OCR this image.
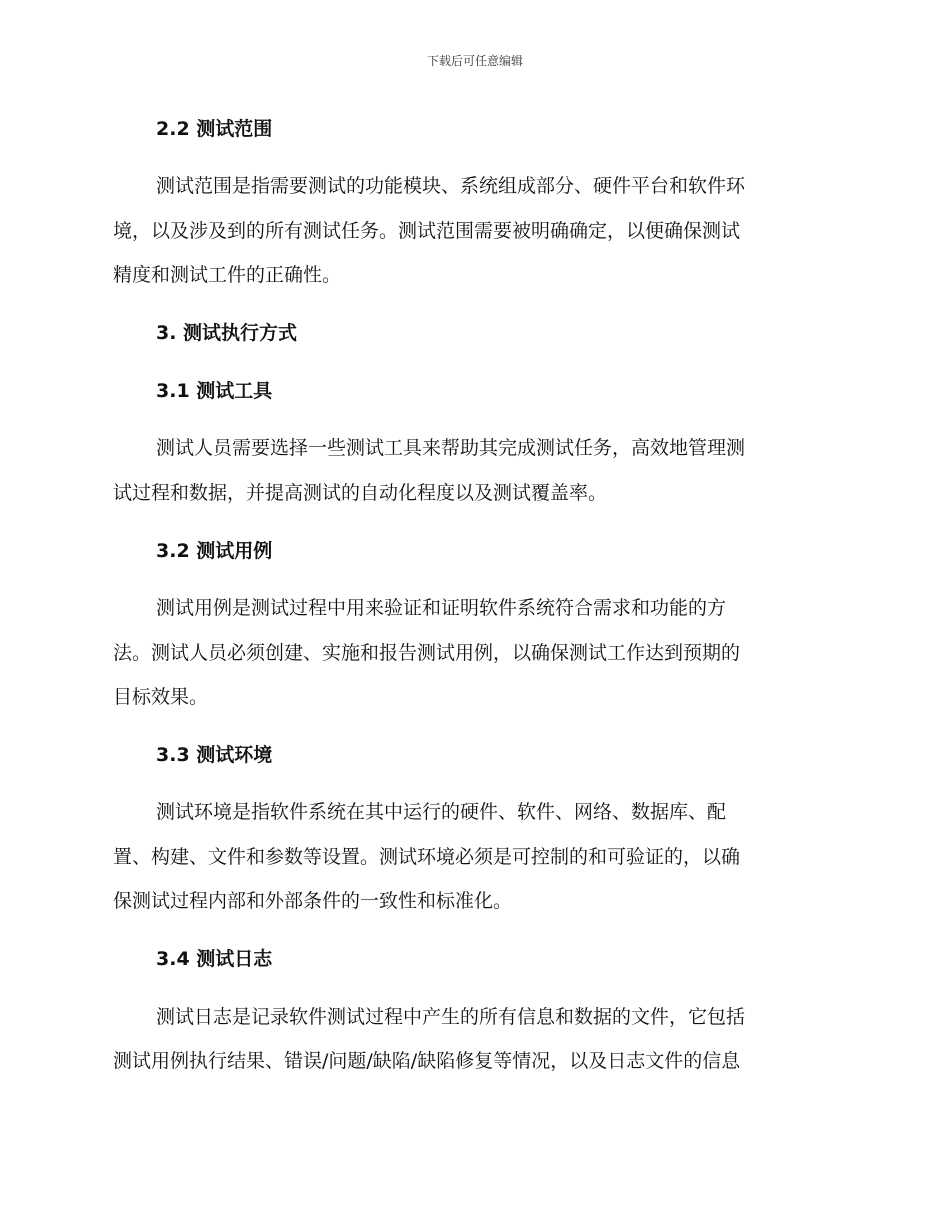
下载后可任意编辑
2.2 测试范围
测试范围是指需要测试的功能模块、系统组成部分、硬件平台和软件环
境，以及涉及到的所有测试任务。测试范围需要被明确确定，以便确保测试
精度和测试工件的正确性。
3. 测试执行方式
3.1 测试工具
测试人员需要选择一些测试工具来帮助其完成测试任务，高效地管理测
试过程和数据，并提高测试的自动化程度以及测试覆盖率。
3.2 测试用例
测试用例是测试过程中用来验证和证明软件系统符合需求和功能的方
法。测试人员必须创建、实施和报告测试用例，以确保测试工作达到预期的
目标效果。
3.3 测试环境
测试环境是指软件系统在其中运行的硬件、软件、网络、数据库、配
置、构建、文件和参数等设置。测试环境必须是可控制的和可验证的，以确
保测试过程内部和外部条件的一致性和标准化。
3.4 测试日志
测试日志是记录软件测试过程中产生的所有信息和数据的文件，它包括
测试用例执行结果、错误/问题/缺陷/缺陷修复等情况，以及日志文件的信息
